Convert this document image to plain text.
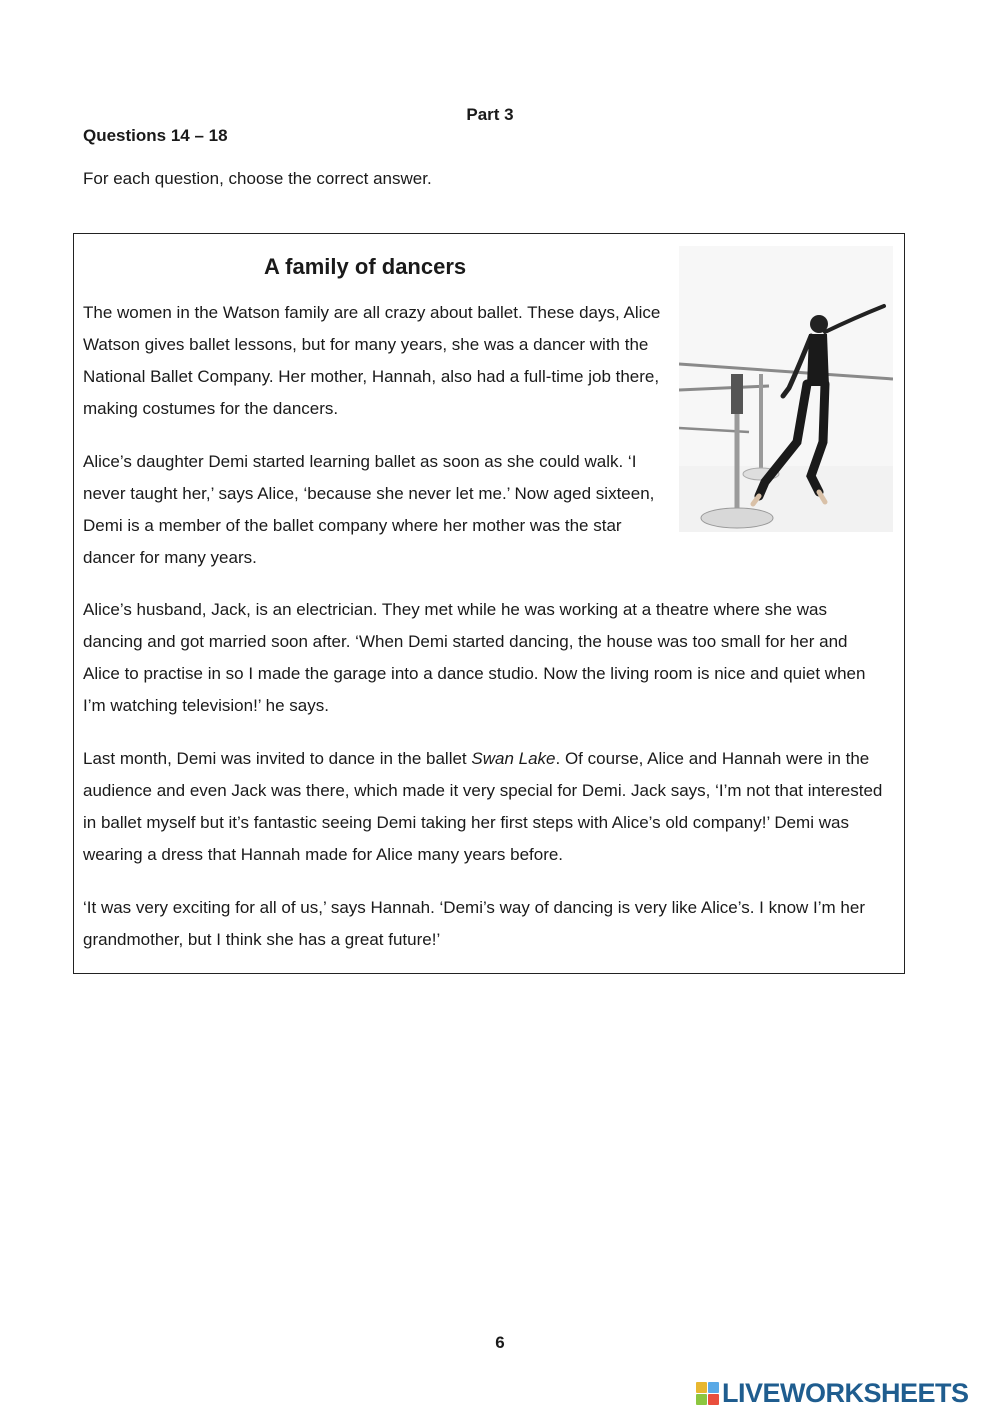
Part 3
Questions 14 – 18
For each question, choose the correct answer.
A family of dancers

The women in the Watson family are all crazy about ballet. These days, Alice Watson gives ballet lessons, but for many years, she was a dancer with the National Ballet Company. Her mother, Hannah, also had a full-time job there, making costumes for the dancers.

Alice’s daughter Demi started learning ballet as soon as she could walk. ‘I never taught her,’ says Alice, ‘because she never let me.’ Now aged sixteen, Demi is a member of the ballet company where her mother was the star dancer for many years.

Alice’s husband, Jack, is an electrician. They met while he was working at a theatre where she was dancing and got married soon after. ‘When Demi started dancing, the house was too small for her and Alice to practise in so I made the garage into a dance studio. Now the living room is nice and quiet when I’m watching television!’ he says.

Last month, Demi was invited to dance in the ballet Swan Lake. Of course, Alice and Hannah were in the audience and even Jack was there, which made it very special for Demi. Jack says, ‘I’m not that interested in ballet myself but it’s fantastic seeing Demi taking her first steps with Alice’s old company!’ Demi was wearing a dress that Hannah made for Alice many years before.

‘It was very exciting for all of us,’ says Hannah. ‘Demi’s way of dancing is very like Alice’s. I know I’m her grandmother, but I think she has a great future!’

6
LIVEWORKSHEETS
